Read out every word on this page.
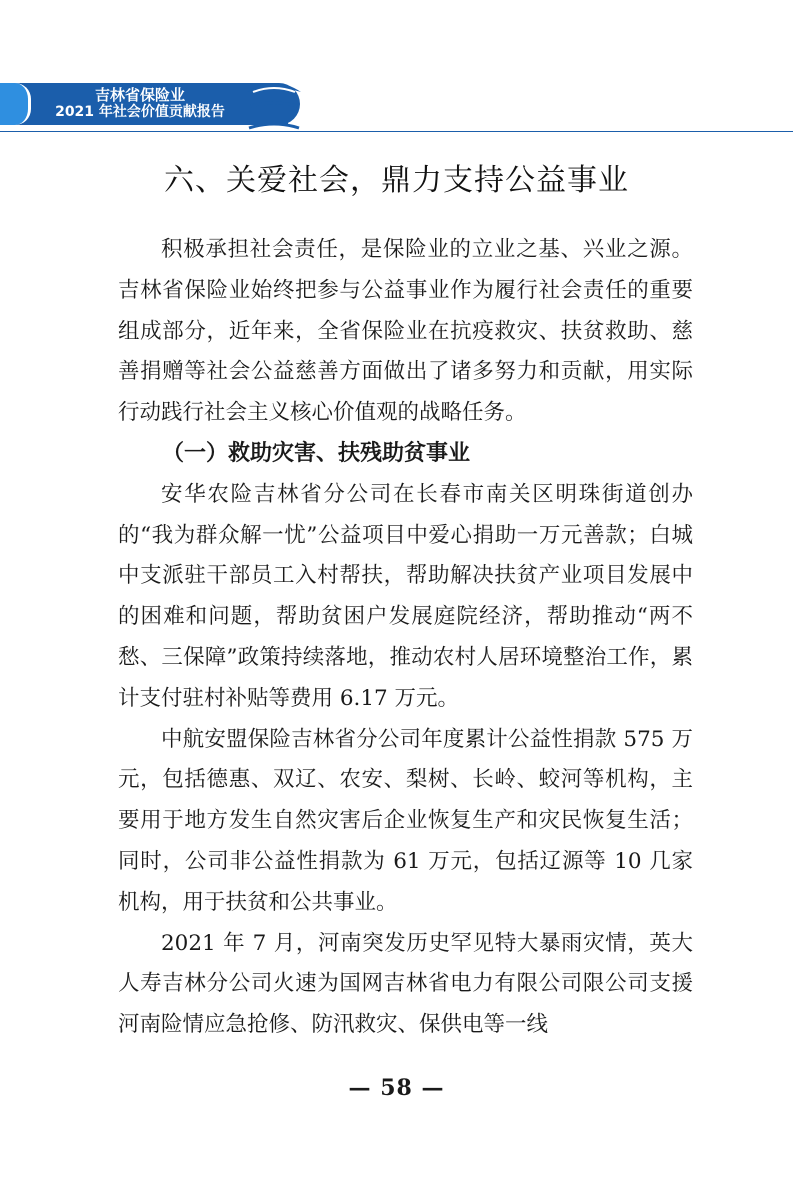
吉林省保险业
2021 年社会价值贡献报告
六、关爱社会，鼎力支持公益事业

积极承担社会责任，是保险业的立业之基、兴业之源。吉林省保险业始终把参与公益事业作为履行社会责任的重要组成部分，近年来，全省保险业在抗疫救灾、扶贫救助、慈善捐赠等社会公益慈善方面做出了诸多努力和贡献，用实际行动践行社会主义核心价值观的战略任务。

（一）救助灾害、扶残助贫事业

安华农险吉林省分公司在长春市南关区明珠街道创办的“我为群众解一忧”公益项目中爱心捐助一万元善款；白城中支派驻干部员工入村帮扶，帮助解决扶贫产业项目发展中的困难和问题，帮助贫困户发展庭院经济，帮助推动“两不愁、三保障”政策持续落地，推动农村人居环境整治工作，累计支付驻村补贴等费用 6.17 万元。

中航安盟保险吉林省分公司年度累计公益性捐款 575 万元，包括德惠、双辽、农安、梨树、长岭、蛟河等机构，主要用于地方发生自然灾害后企业恢复生产和灾民恢复生活；同时，公司非公益性捐款为 61 万元，包括辽源等 10 几家机构，用于扶贫和公共事业。

2021 年 7 月，河南突发历史罕见特大暴雨灾情，英大人寿吉林分公司火速为国网吉林省电力有限公司限公司支援河南险情应急抢修、防汛救灾、保供电等一线

— 58 —
